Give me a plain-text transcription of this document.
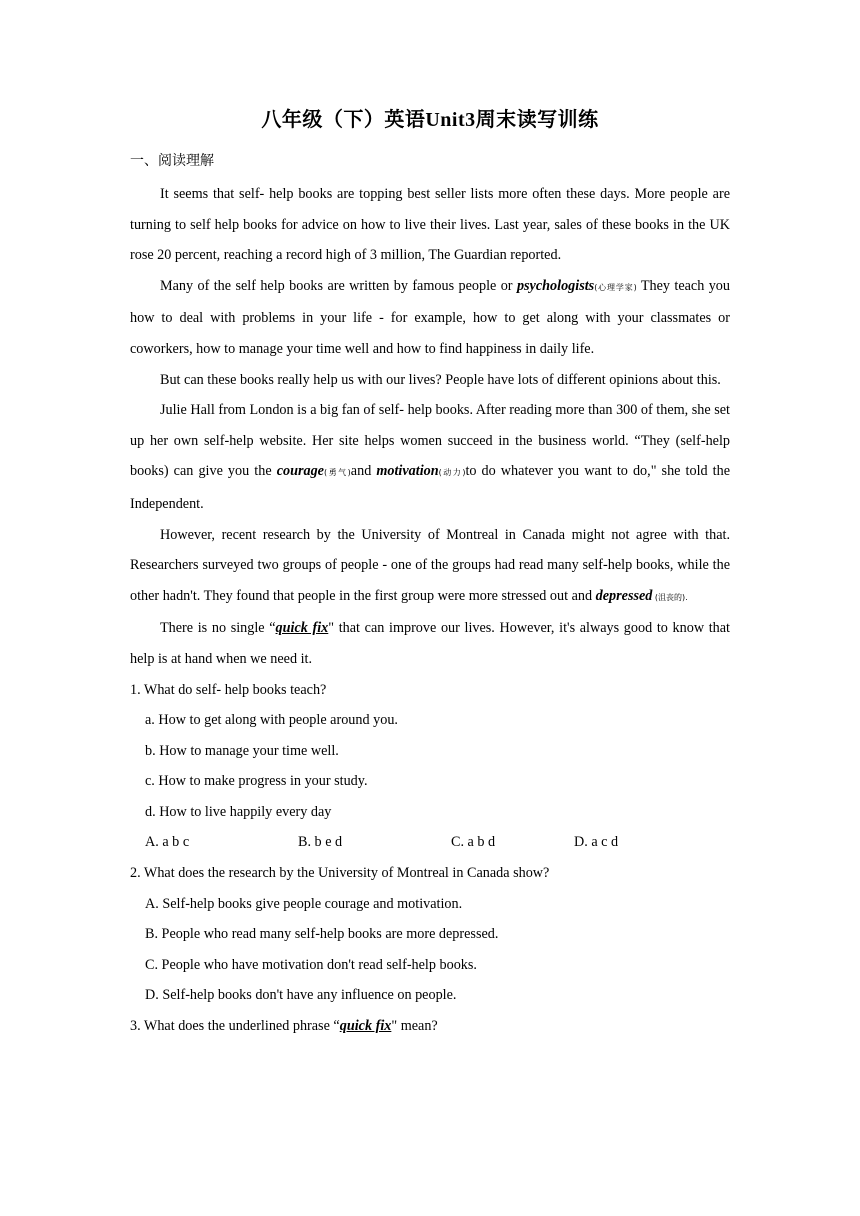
八年级（下）英语Unit3周末读写训练
一、阅读理解

It seems that self- help books are topping best seller lists more often these days. More people are turning to self help books for advice on how to live their lives. Last year, sales of these books in the UK rose 20 percent, reaching a record high of 3 million, The Guardian reported.

Many of the self help books are written by famous people or psychologists(心理学家) They teach you how to deal with problems in your life - for example, how to get along with your classmates or coworkers, how to manage your time well and how to find happiness in daily life.

But can these books really help us with our lives? People have lots of different opinions about this.

Julie Hall from London is a big fan of self- help books. After reading more than 300 of them, she set up her own self-help website. Her site helps women succeed in the business world. “They (self-help books) can give you the courage(勇气)and motivation(动力)to do whatever you want to do," she told the Independent.

However, recent research by the University of Montreal in Canada might not agree with that. Researchers surveyed two groups of people - one of the groups had read many self-help books, while the other hadn't. They found that people in the first group were more stressed out and depressed (沮丧的).

There is no single “quick fix" that can improve our lives. However, it's always good to know that help is at hand when we need it.

1. What do self- help books teach?

a. How to get along with people around you.

b. How to manage your time well.

c. How to make progress in your study.

d. How to live happily every day

A. a b c	B. b e d	C. a b d	D. a c d

2. What does the research by the University of Montreal in Canada show?

A. Self-help books give people courage and motivation.

B. People who read many self-help books are more depressed.

C. People who have motivation don't read self-help books.

D. Self-help books don't have any influence on people.

3. What does the underlined phrase “quick fix" mean?
